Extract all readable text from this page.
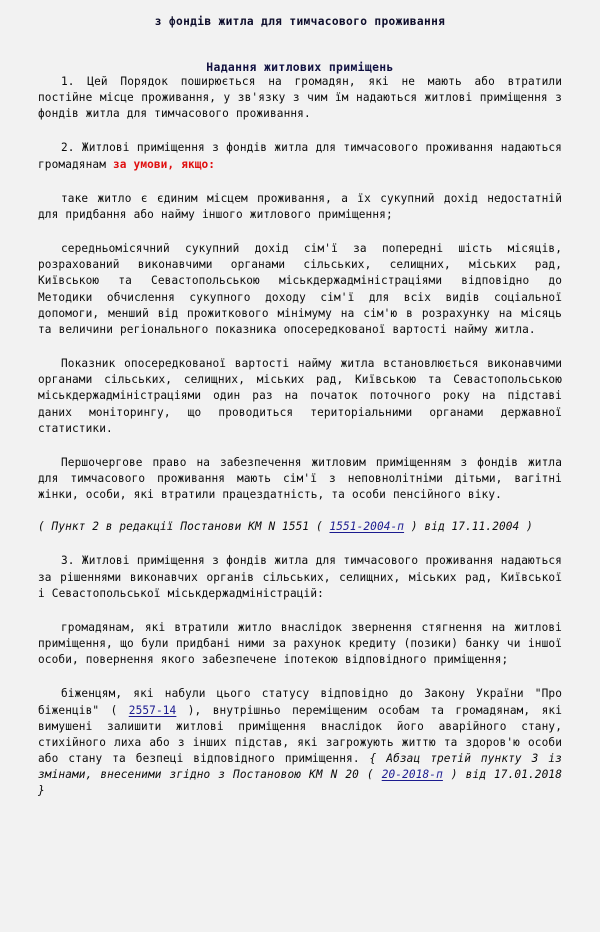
з фондів житла для тимчасового проживання
Надання житлових приміщень

1. Цей Порядок поширюється на громадян, які не мають або втратили постійне місце проживання, у зв'язку з чим їм надаються житлові приміщення з фондів житла для тимчасового проживання.

2. Житлові приміщення з фондів житла для тимчасового проживання надаються громадянам за умови, якщо:

таке житло є єдиним місцем проживання, а їх сукупний дохід недостатній для придбання або найму іншого житлового приміщення;

середньомісячний сукупний дохід сім'ї за попередні шість місяців, розрахований виконавчими органами сільських, селищних, міських рад, Київською та Севастопольською міськдержадміністраціями відповідно до Методики обчислення сукупного доходу сім'ї для всіх видів соціальної допомоги, менший від прожиткового мінімуму на сім'ю в розрахунку на місяць та величини регіонального показника опосередкованої вартості найму житла.

Показник опосередкованої вартості найму житла встановлюється виконавчими органами сільських, селищних, міських рад, Київською та Севастопольською міськдержадміністраціями один раз на початок поточного року на підставі даних моніторингу, що проводиться територіальними органами державної статистики.

Першочергове право на забезпечення житловим приміщенням з фондів житла для тимчасового проживання мають сім'ї з неповнолітніми дітьми, вагітні жінки, особи, які втратили працездатність, та особи пенсійного віку.

( Пункт 2 в редакції Постанови КМ N 1551 ( 1551-2004-п ) від 17.11.2004 )

3. Житлові приміщення з фондів житла для тимчасового проживання надаються за рішеннями виконавчих органів сільських, селищних, міських рад, Київської і Севастопольської міськдержадміністрацій:

громадянам, які втратили житло внаслідок звернення стягнення на житлові приміщення, що були придбані ними за рахунок кредиту (позики) банку чи іншої особи, повернення якого забезпечене іпотекою відповідного приміщення;

біженцям, які набули цього статусу відповідно до Закону України "Про біженців" ( 2557-14 ), внутрішньо переміщеним особам та громадянам, які вимушені залишити житлові приміщення внаслідок його аварійного стану, стихійного лиха або з інших підстав, які загрожують життю та здоров'ю особи або стану та безпеці відповідного приміщення. { Абзац третій пункту 3 із змінами, внесеними згідно з Постановою КМ N 20 ( 20-2018-п ) від 17.01.2018 }
